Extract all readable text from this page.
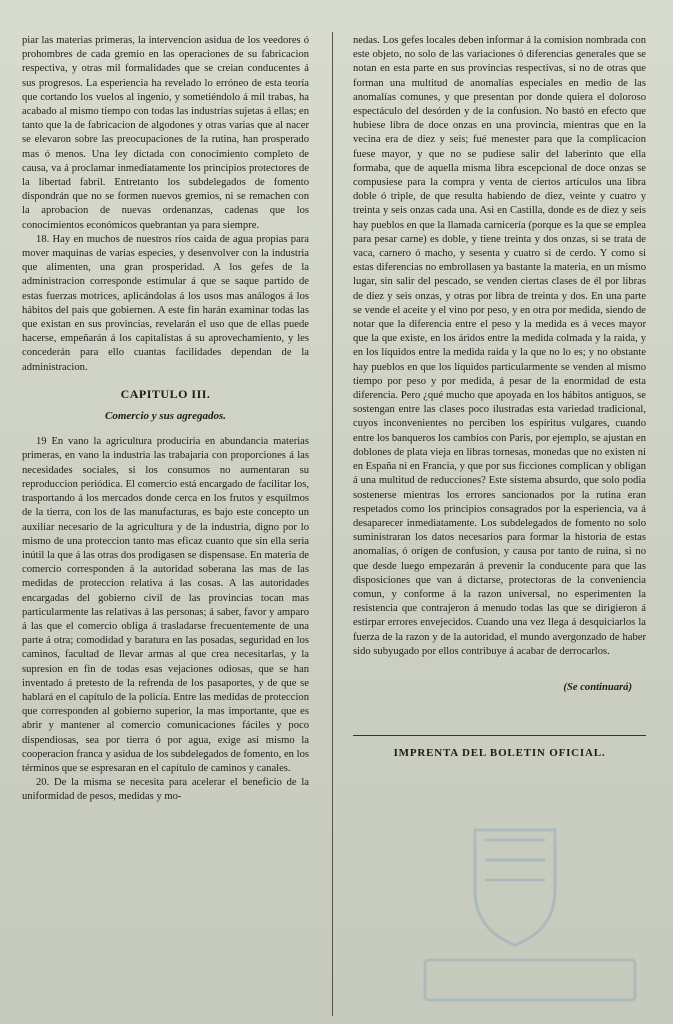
piar las materias primeras, la intervencion asidua de los veedores ó prohombres de cada gremio en las operaciones de su fabricacion respectiva, y otras mil formalidades que se creian conducentes á sus progresos. La esperiencia ha revelado lo erróneo de esta teoría que cortando los vuelos al ingenio, y sometiéndolo á mil trabas, ha acabado al mismo tiempo con todas las industrias sujetas á ellas; en tanto que la de fabricacion de algodones y otras varias que al nacer se elevaron sobre las preocupaciones de la rutina, han prosperado mas ó menos. Una ley dictada con conocimiento completo de causa, va á proclamar inmediatamente los principios protectores de la libertad fabril. Entretanto los subdelegados de fomento dispondrán que no se formen nuevos gremios, ni se remachen con la aprobacion de nuevas ordenanzas, cadenas que los conocimientos económicos quebrantan ya para siempre.

18. Hay en muchos de nuestros ríos caida de agua propias para mover maquinas de varias especies, y desenvolver con la industria que alimenten, una gran prosperidad. A los gefes de la administracion corresponde estimular á que se saque partido de estas fuerzas motrices, aplicándolas á los usos mas análogos á los hábitos del pais que gobiernen. A este fin harán examinar todas las que existan en sus provincias, revelarán el uso que de ellas puede hacerse, empeñarán á los capitalistas á su aprovechamiento, y les concederán para ello cuantas facilidades dependan de la administracion.

CAPITULO III.
Comercio y sus agregados.

19 En vano la agricultura produciria en abundancia materias primeras, en vano la industria las trabajaria con proporciones á las necesidades sociales, si los consumos no aumentaran su reproduccion periódica. El comercio está encargado de facilitar los, trasportando á los mercados donde cerca en los frutos y esquilmos de la tierra, con los de las manufacturas, es bajo este concepto un auxiliar necesario de la agricultura y de la industria, digno por lo mismo de una proteccion tanto mas eficaz cuanto que sin ella seria inútil la que á las otras dos prodigasen se dispensase. En materia de comercio corresponden á la autoridad soberana las mas de las medidas de proteccion relativa á las cosas. A las autoridades encargadas del gobierno civil de las provincias tocan mas particularmente las relativas á las personas; á saber, favor y amparo á las que el comercio obliga á trasladarse frecuentemente de una parte á otra; comodidad y baratura en las posadas, seguridad en los caminos, facultad de llevar armas al que crea necesitarlas, y la supresion en fin de todas esas vejaciones odiosas, que se han inventado á pretesto de la refrenda de los pasaportes, y de que se hablará en el capítulo de la policía. Entre las medidas de proteccion que corresponden al gobierno superior, la mas importante, que es abrir y mantener al comercio comunicaciones fáciles y poco dispendiosas, sea por tierra ó por agua, exige asi mismo la cooperacion franca y asidua de los subdelegados de fomento, en los términos que se espresaran en el capítulo de caminos y canales.

20. De la misma se necesita para acelerar el beneficio de la uniformidad de pesos, medidas y mo-

nedas. Los gefes locales deben informar á la comision nombrada con este objeto, no solo de las variaciones ó diferencias generales que se notan en esta parte en sus provincias respectivas, si no de otras que forman una multitud de anomalías especiales en medio de las anomalías comunes, y que presentan por donde quiera el doloroso espectáculo del desórden y de la confusion. No bastó en efecto que hubiese libra de doce onzas en una provincia, mientras que en la vecina era de diez y seis; fué menester para que la complicacion fuese mayor, y que no se pudiese salir del laberinto que ella formaba, que de aquella misma libra escepcional de doce onzas se compusiese para la compra y venta de ciertos artículos una libra doble ó triple, de que resulta habiendo de diez, veinte y cuatro y treinta y seis onzas cada una. Asi en Castilla, donde es de diez y seis hay pueblos en que la llamada carnicería (porque es la que se emplea para pesar carne) es doble, y tiene treinta y dos onzas, si se trata de vaca, carnero ó macho, y sesenta y cuatro si de cerdo. Y como si estas diferencias no embrollasen ya bastante la materia, en un mismo lugar, sin salir del pescado, se venden ciertas clases de él por libras de diez y seis onzas, y otras por libra de treinta y dos. En una parte se vende el aceite y el vino por peso, y en otra por medida, siendo de notar que la diferencia entre el peso y la medida es á veces mayor que la que existe, en los áridos entre la medida colmada y la raida, y en los líquidos entre la medida raida y la que no lo es; y no obstante hay pueblos en que los líquidos particularmente se venden al mismo tiempo por peso y por medida, á pesar de la enormidad de esta diferencia. Pero ¿qué mucho que apoyada en los hábitos antiguos, se sostengan entre las clases poco ilustradas esta variedad tradicional, cuyos inconvenientes no perciben los espíritus vulgares, cuando entre los banqueros los cambios con Paris, por ejemplo, se ajustan en doblones de plata vieja en libras tornesas, monedas que no existen ni en España ni en Francia, y que por sus ficciones complican y obligan á una multitud de reducciones? Este sistema absurdo, que solo podia sostenerse mientras los errores sancionados por la rutina eran respetados como los principios consagrados por la esperiencia, va á desaparecer inmediatamente. Los subdelegados de fomento no solo suministraran los datos necesarios para formar la historia de estas anomalías, ó orígen de confusion, y causa por tanto de ruina, si no que desde luego empezarán á prevenir la conducente para que las disposiciones que van á dictarse, protectoras de la conveniencia comun, y conforme á la razon universal, no esperimenten la resistencia que contrajeron á menudo todas las que se dirigieron á estirpar errores envejecidos. Cuando una vez llega á desquiciarlos la fuerza de la razon y de la autoridad, el mundo avergonzado de haber sido subyugado por ellos contribuye á acabar de derrocarlos.

(Se continuará)
IMPRENTA DEL BOLETIN OFICIAL.
